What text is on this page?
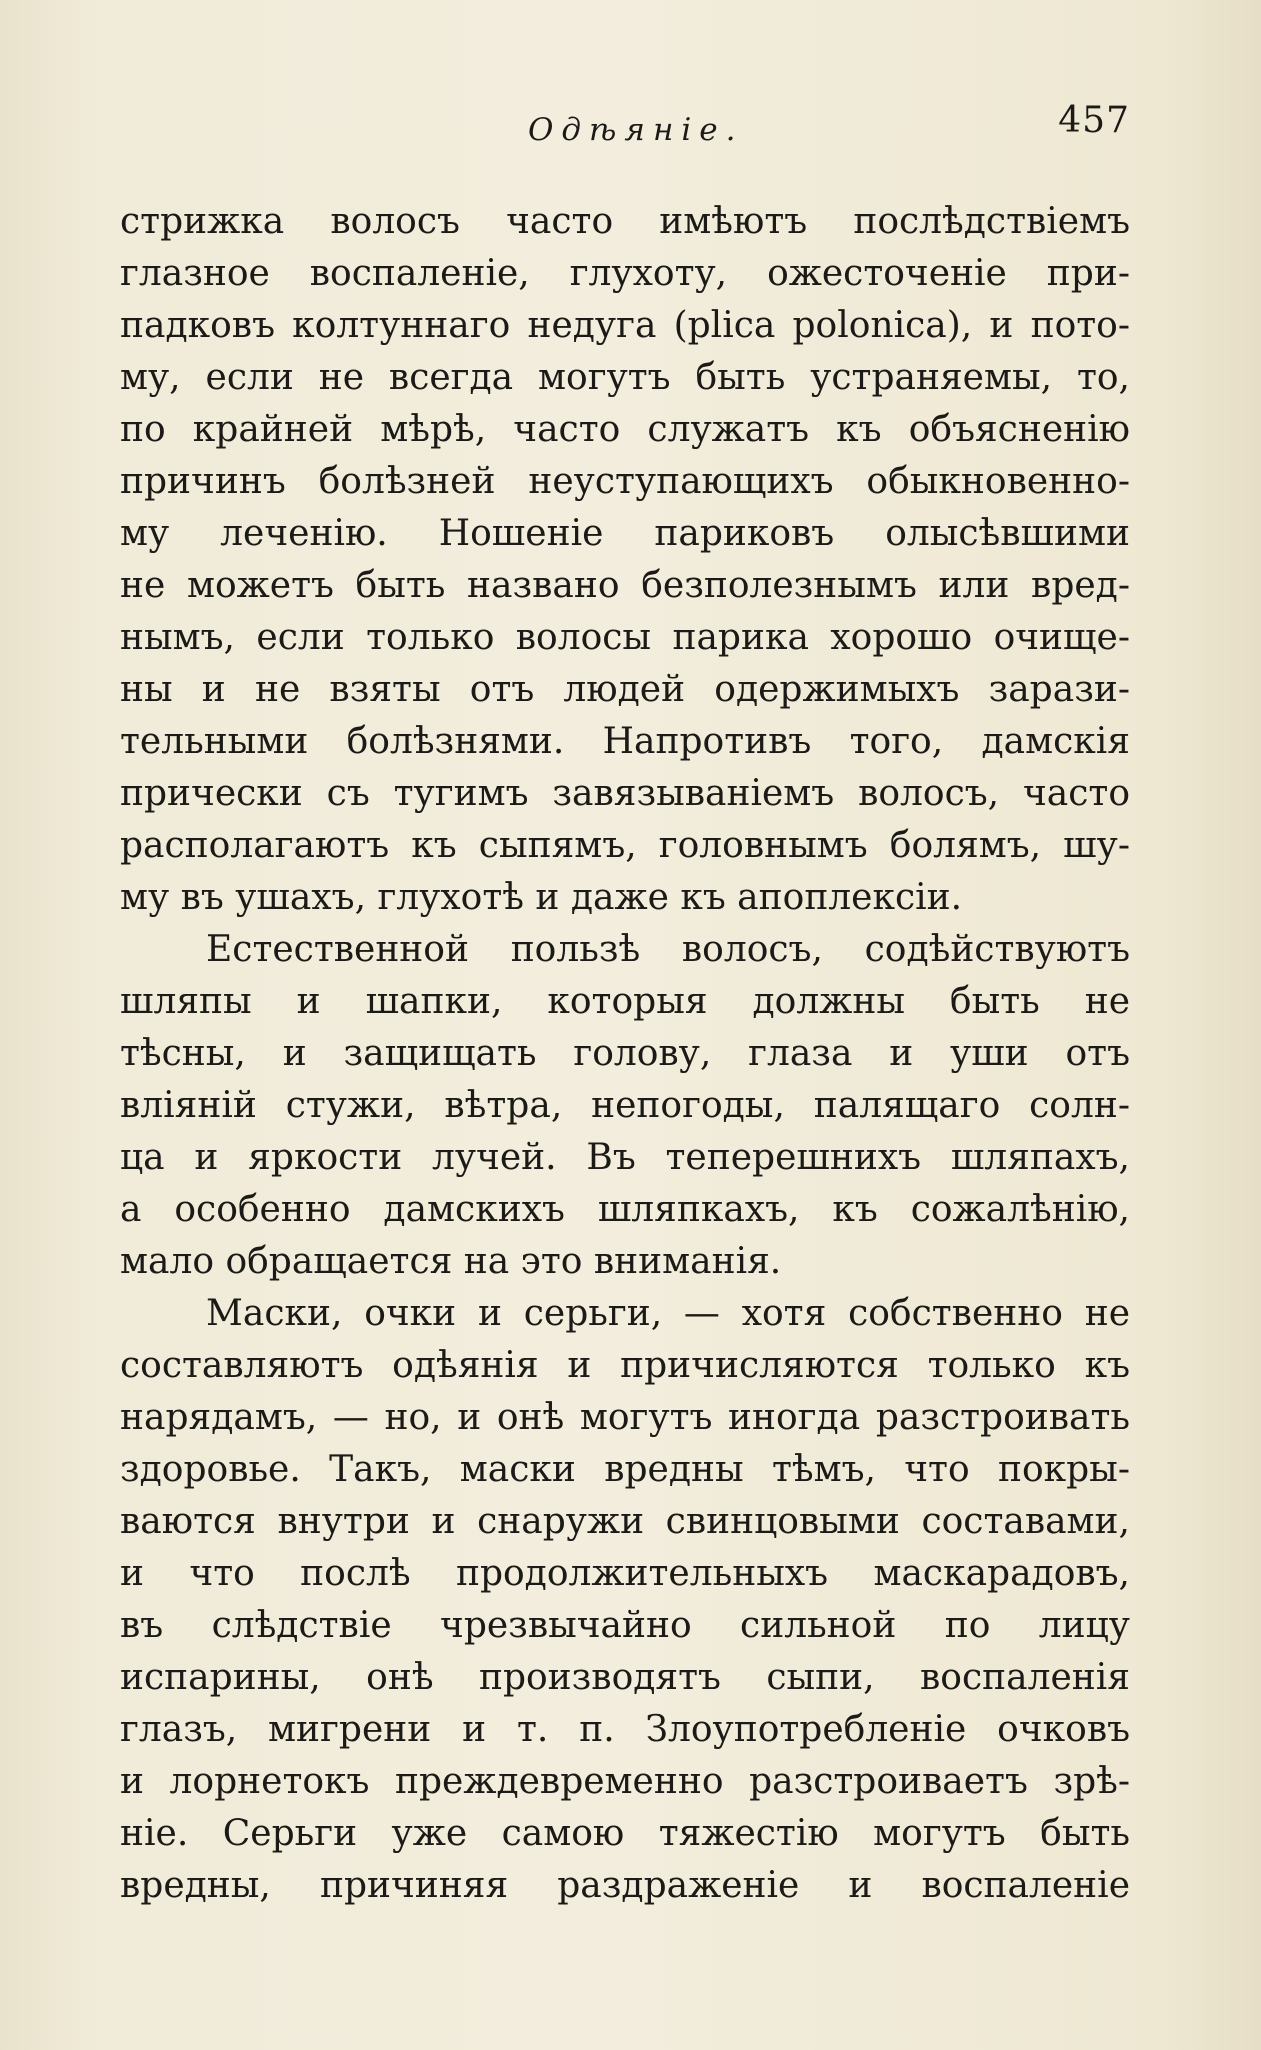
Одѣяніе.	457
стрижка волосъ часто имѣютъ послѣдствіемъ
глазное воспаленіе, глухоту, ожесточеніе при-
падковъ колтуннаго недуга (plica polonica), и пото-
му, если не всегда могутъ быть устраняемы, то,
по крайней мѣрѣ, часто служатъ къ объясненію
причинъ болѣзней неуступающихъ обыкновенно-
му леченію. Ношеніе париковъ олысѣвшими
не можетъ быть названо безполезнымъ или вред-
нымъ, если только волосы парика хорошо очище-
ны и не взяты отъ людей одержимыхъ зарази-
тельными болѣзнями. Напротивъ того, дамскія
прически съ тугимъ завязываніемъ волосъ, часто
располагаютъ къ сыпямъ, головнымъ болямъ, шу-
му въ ушахъ, глухотѣ и даже къ апоплексіи.
Естественной пользѣ волосъ, содѣйствуютъ
шляпы и шапки, которыя должны быть не
тѣсны, и защищать голову, глаза и уши отъ
вліяній стужи, вѣтра, непогоды, палящаго солн-
ца и яркости лучей. Въ теперешнихъ шляпахъ,
а особенно дамскихъ шляпкахъ, къ сожалѣнію,
мало обращается на это вниманія.
Маски, очки и серьги, — хотя собственно не
составляютъ одѣянія и причисляются только къ
нарядамъ, — но, и онѣ могутъ иногда разстроивать
здоровье. Такъ, маски вредны тѣмъ, что покры-
ваются внутри и снаружи свинцовыми составами,
и что послѣ продолжительныхъ маскарадовъ,
въ слѣдствіе чрезвычайно сильной по лицу
испарины, онѣ производятъ сыпи, воспаленія
глазъ, мигрени и т. п. Злоупотребленіе очковъ
и лорнетокъ преждевременно разстроиваетъ зрѣ-
ніе. Серьги уже самою тяжестію могутъ быть
вредны, причиняя раздраженіе и воспаленіе
